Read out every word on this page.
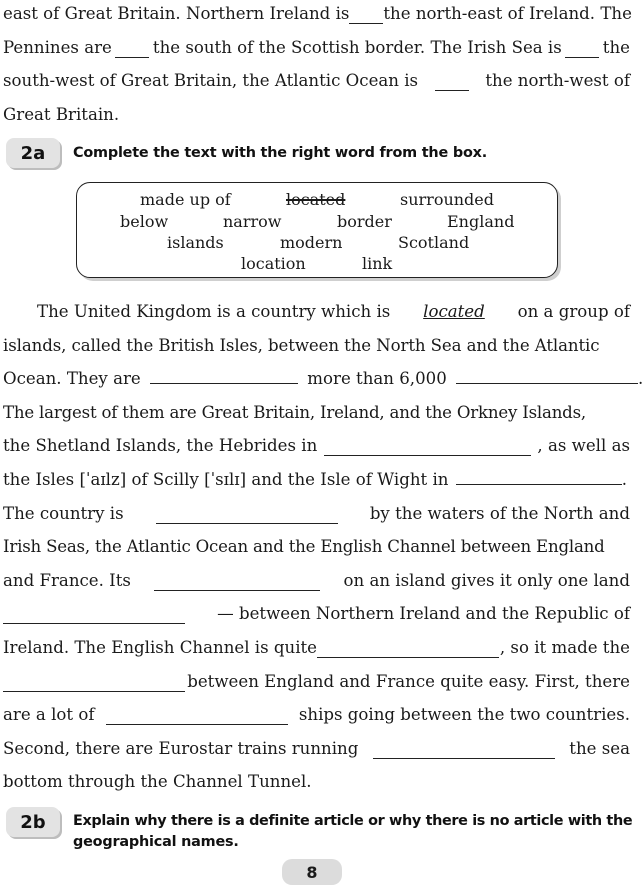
east of Great Britain. Northern Ireland is the north-east of Ireland. The
Pennines are the south of the Scottish border. The Irish Sea is the
south-west of Great Britain, the Atlantic Ocean is	the north-west of
Great Britain.
2a	Complete the text with the right word from the box.
made up of	located	surrounded
below	narrow	border	England
islands	modern	Scotland
location	link
The United Kingdom is a country which is located on a group of
islands, called the British Isles, between the North Sea and the Atlantic
Ocean. They are	more than 6,000	.
The largest of them are Great Britain, Ireland, and the Orkney Islands,
the Shetland Islands, the Hebrides in	, as well as
the Isles [ˈaɪlz] of Scilly [ˈsɪlɪ] and the Isle of Wight in	.
The country is	by the waters of the North and
Irish Seas, the Atlantic Ocean and the English Channel between England
and France. Its	on an island gives it only one land
— between Northern Ireland and the Republic of
Ireland. The English Channel is quite	, so it made the
between England and France quite easy. First, there
are a lot of	ships going between the two countries.
Second, there are Eurostar trains running	the sea
bottom through the Channel Tunnel.
2b	Explain why there is a definite article or why there is no article with the
geographical names.
8
